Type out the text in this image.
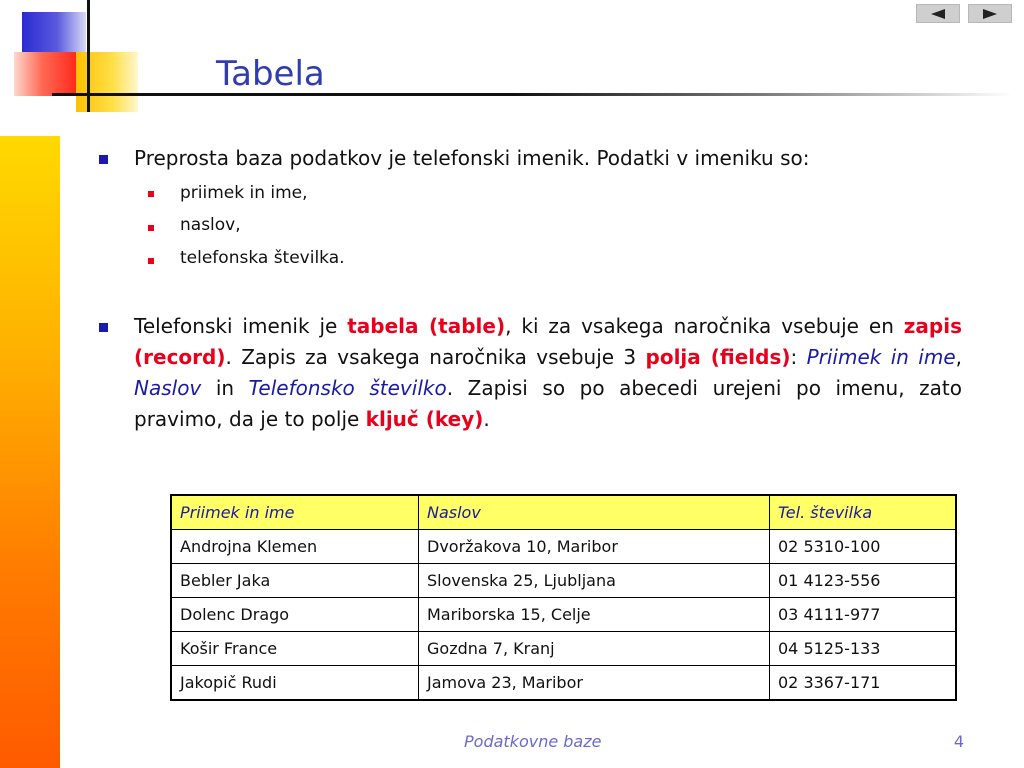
Tabela
Preprosta baza podatkov je telefonski imenik. Podatki v imeniku so:
priimek in ime,
naslov,
telefonska številka.
Telefonski imenik je tabela (table), ki za vsakega naročnika vsebuje en zapis (record). Zapis za vsakega naročnika vsebuje 3 polja (fields): Priimek in ime, Naslov in Telefonsko številko. Zapisi so po abecedi urejeni po imenu, zato pravimo, da je to polje ključ (key).
Priimek in ime	Naslov	Tel. številka
Androjna Klemen	Dvoržakova 10, Maribor	02 5310-100
Bebler Jaka	Slovenska 25, Ljubljana	01 4123-556
Dolenc Drago	Mariborska 15, Celje	03 4111-977
Košir France	Gozdna 7, Kranj	04 5125-133
Jakopič Rudi	Jamova 23, Maribor	02 3367-171
Podatkovne baze	4
